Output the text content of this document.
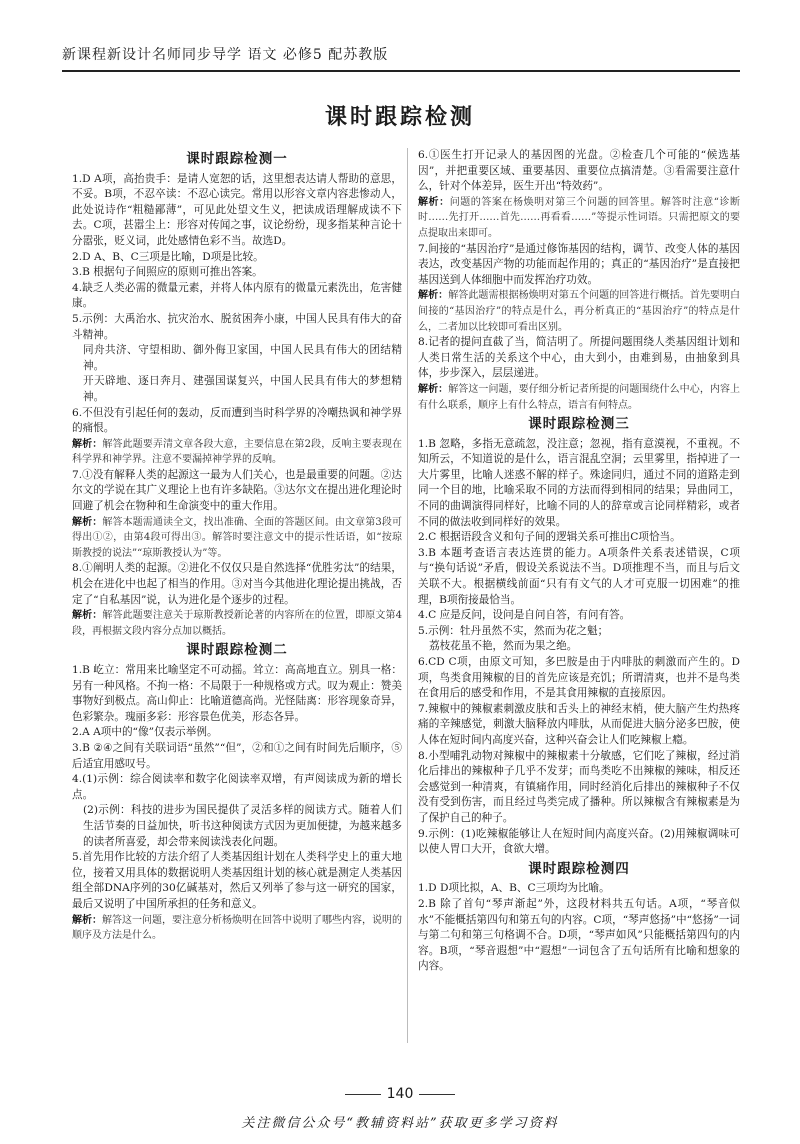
新课程新设计名师同步导学 语文 必修5 配苏教版
课时跟踪检测
课时跟踪检测一

1.D A项，高抬贵手：是请人宽恕的话，这里想表达请人帮助的意思，不妥。B项，不忍卒读：不忍心读完。常用以形容文章内容悲惨动人，此处说诗作“粗糙鄙薄”，可见此处望文生义，把读成语理解成读不下去。C项，甚嚣尘上：形容对传闻之事，议论纷纷，现多指某种言论十分嚣张，贬义词，此处感情色彩不当。故选D。

2.D A、B、C三项是比喻，D项是比较。

3.B 根据句子间照应的原则可推出答案。

4.缺乏人类必需的微量元素，并将人体内原有的微量元素洗出，危害健康。

5.示例：大禹治水、抗灾治水、脱贫困奔小康，中国人民具有伟大的奋斗精神。

同舟共济、守望相助、御外侮卫家国，中国人民具有伟大的团结精神。

开天辟地、逐日奔月、建强国谋复兴，中国人民具有伟大的梦想精神。

6.不但没有引起任何的轰动，反而遭到当时科学界的冷嘲热讽和神学界的痛恨。

解析：解答此题要弄清文章各段大意，主要信息在第2段，反响主要表现在科学界和神学界。注意不要漏掉神学界的反响。

7.①没有解释人类的起源这一最为人们关心，也是最重要的问题。②达尔文的学说在其广义理论上也有许多缺陷。③达尔文在提出进化理论时回避了机会在物种和生命演变中的重大作用。

解析：解答本题需通读全文，找出准确、全面的答题区间。由文章第3段可得出①②，由第4段可得出③。解答时要注意文中的提示性话语，如“按琼斯教授的说法”“琼斯教授认为”等。

8.①阐明人类的起源。②进化不仅仅只是自然选择“优胜劣汰”的结果，机会在进化中也起了相当的作用。③对当今其他进化理论提出挑战，否定了“自私基因”说，认为进化是个逐步的过程。

解析：解答此题要注意关于琼斯教授新论著的内容所在的位置，即原文第4段，再根据文段内容分点加以概括。

课时跟踪检测二

1.B 屹立：常用来比喻坚定不可动摇。耸立：高高地直立。别具一格：另有一种风格。不拘一格：不局限于一种规格或方式。叹为观止：赞美事物好到极点。高山仰止：比喻道德高尚。光怪陆离：形容现象奇异，色彩繁杂。瑰丽多彩：形容景色优美，形态各异。

2.A A项中的“像”仅表示举例。

3.B ②④之间有关联词语“虽然”“但”，②和①之间有时间先后顺序，⑤后适宜用感叹号。

4.(1)示例：综合阅读率和数字化阅读率双增，有声阅读成为新的增长点。

(2)示例：科技的进步为国民提供了灵活多样的阅读方式。随着人们生活节奏的日益加快，听书这种阅读方式因为更加便捷，为越来越多的读者所喜爱，却会带来阅读浅表化问题。

5.首先用作比较的方法介绍了人类基因组计划在人类科学史上的重大地位，接着又用具体的数据说明人类基因组计划的核心就是测定人类基因组全部DNA序列的30亿碱基对，然后又列举了参与这一研究的国家，最后又说明了中国所承担的任务和意义。

解析：解答这一问题，要注意分析杨焕明在回答中说明了哪些内容，说明的顺序及方法是什么。

6.①医生打开记录人的基因图的光盘。②检查几个可能的“候选基因”，并把重要区域、重要基因、重要位点搞清楚。③看需要注意什么，针对个体差异，医生开出“特效药”。

解析：问题的答案在杨焕明对第三个问题的回答里。解答时注意“诊断时……先打开……首先……再看看……”等提示性词语。只需把原文的要点提取出来即可。

7.间接的“基因治疗”是通过修饰基因的结构，调节、改变人体的基因表达，改变基因产物的功能而起作用的；真正的“基因治疗”是直接把基因送到人体细胞中而发挥治疗功效。

解析：解答此题需根据杨焕明对第五个问题的回答进行概括。首先要明白间接的“基因治疗”的特点是什么，再分析真正的“基因治疗”的特点是什么，二者加以比较即可看出区别。

8.记者的提问直截了当，简洁明了。所提问题围绕人类基因组计划和人类日常生活的关系这个中心，由大到小，由难到易，由抽象到具体，步步深入，层层递进。

解析：解答这一问题，要仔细分析记者所提的问题围绕什么中心，内容上有什么联系，顺序上有什么特点，语言有何特点。

课时跟踪检测三

1.B 忽略，多指无意疏忽，没注意；忽视，指有意漠视，不重视。不知所云，不知道说的是什么，语言混乱空洞；云里雾里，指掉进了一大片雾里，比喻人迷惑不解的样子。殊途同归，通过不同的道路走到同一个目的地，比喻采取不同的方法而得到相同的结果；异曲同工，不同的曲调演得同样好，比喻不同的人的辞章或言论同样精彩，或者不同的做法收到同样好的效果。

2.C 根据语段含义和句子间的逻辑关系可推出C项恰当。

3.B 本题考查语言表达连贯的能力。A项条件关系表述错误，C项与“换句话说”矛盾，假设关系说法不当。D项推理不当，而且与后文关联不大。根据横线前面“只有有文气的人才可克服一切困难”的推理，B项衔接最恰当。

4.C 应是反问，设问是自问自答，有问有答。

5.示例：牡丹虽然不实，然而为花之魁；

荔枝花虽不艳，然而为果之绝。

6.CD C项，由原文可知，多巴胺是由于内啡肽的刺激而产生的。D项，鸟类食用辣椒的目的首先应该是充饥；所谓清爽，也并不是鸟类在食用后的感受和作用，不是其食用辣椒的直接原因。

7.辣椒中的辣椒素刺激皮肤和舌头上的神经末梢，使大脑产生灼热疼痛的辛辣感觉，刺激大脑释放内啡肽，从而促进大脑分泌多巴胺，使人体在短时间内高度兴奋，这种兴奋会让人们吃辣椒上瘾。

8.小型哺乳动物对辣椒中的辣椒素十分敏感，它们吃了辣椒，经过消化后排出的辣椒种子几乎不发芽；而鸟类吃不出辣椒的辣味，相反还会感觉到一种清爽，有镇痛作用，同时经消化后排出的辣椒种子不仅没有受到伤害，而且经过鸟类完成了播种。所以辣椒含有辣椒素是为了保护自己的种子。

9.示例：(1)吃辣椒能够让人在短时间内高度兴奋。(2)用辣椒调味可以使人胃口大开，食欲大增。

课时跟踪检测四

1.D D项比拟，A、B、C三项均为比喻。

2.B 除了首句“琴声渐起”外，这段材料共五句话。A项，“琴音似水”不能概括第四句和第五句的内容。C项，“琴声悠扬”中“悠扬”一词与第二句和第三句格调不合。D项，“琴声如风”只能概括第四句的内容。B项，“琴音遐想”中“遐想”一词包含了五句话所有比喻和想象的内容。

140
关注微信公众号“教辅资料站”获取更多学习资料
